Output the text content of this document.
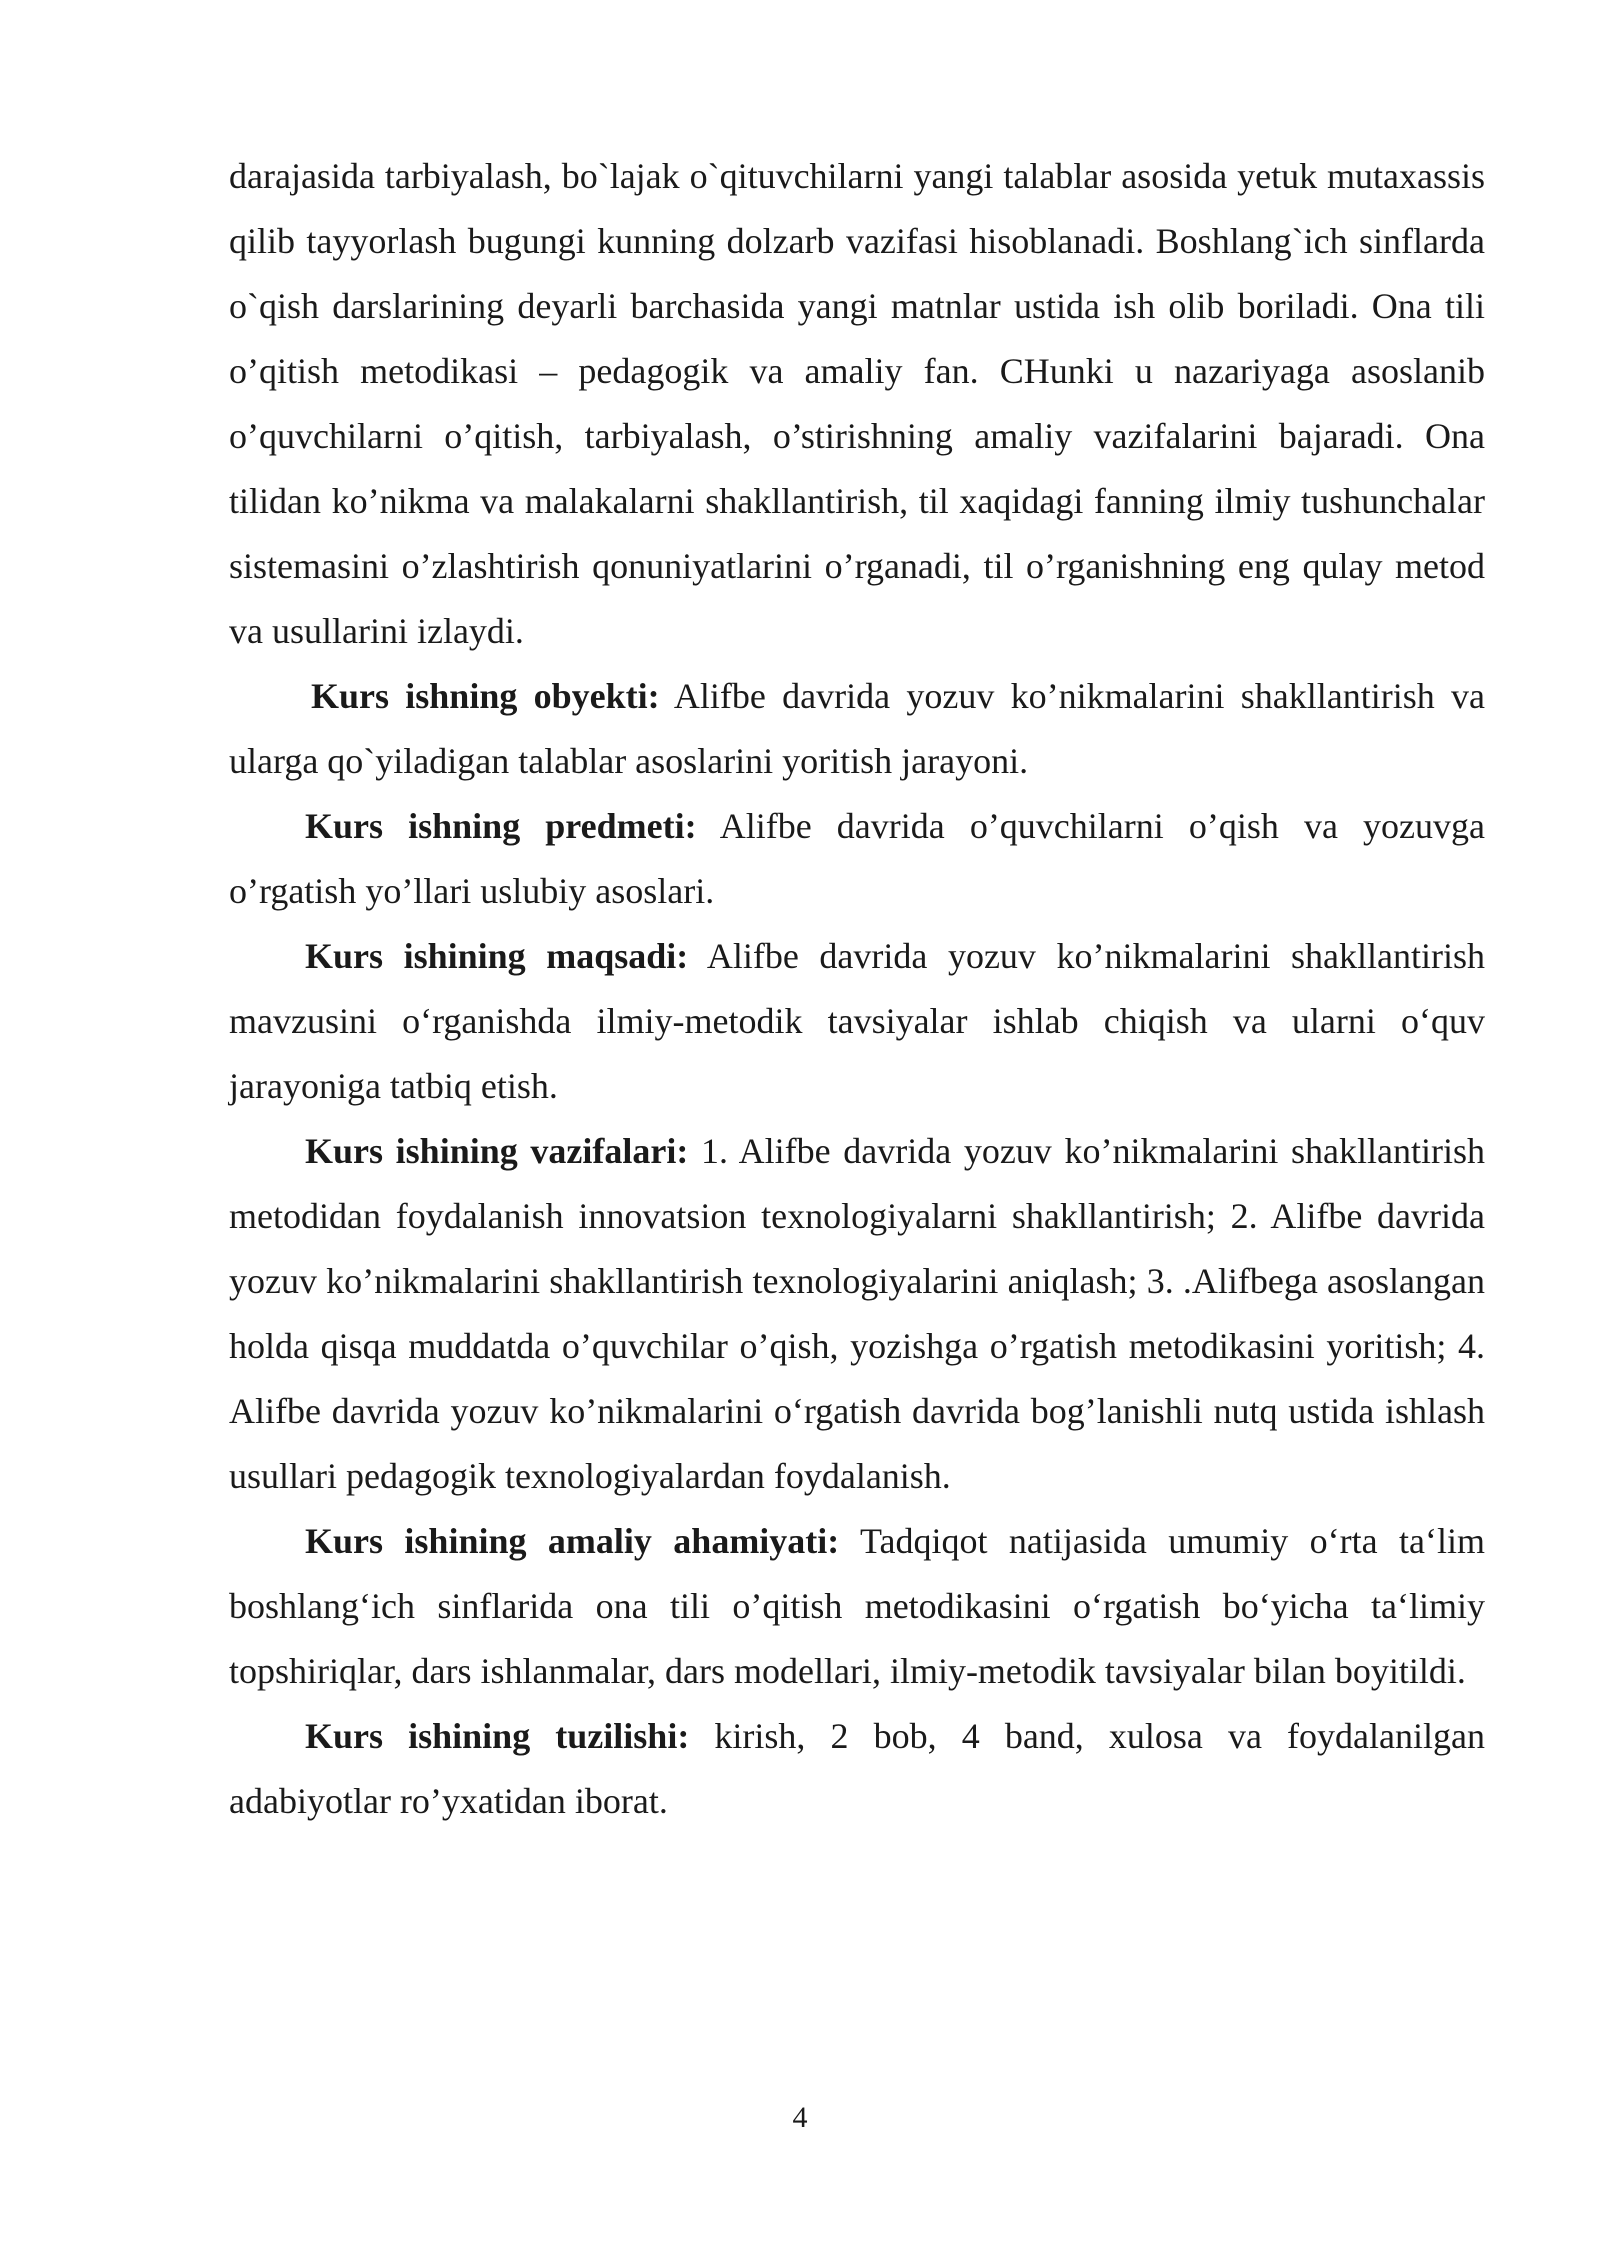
darajasida tarbiyalash, bo`lajak o`qituvchilarni yangi talablar asosida yetuk mutaxassis qilib tayyorlash bugungi kunning dolzarb vazifasi hisoblanadi. Boshlang`ich sinflarda o`qish darslarining deyarli barchasida yangi matnlar ustida ish olib boriladi. Ona tili o’qitish metodikasi – pedagogik va amaliy fan. CHunki u nazariyaga asoslanib o’quvchilarni o’qitish, tarbiyalash, o’stirishning amaliy vazifalarini bajaradi. Ona tilidan ko’nikma va malakalarni shakllantirish, til xaqidagi fanning ilmiy tushunchalar sistemasini o’zlashtirish qonuniyatlarini o’rganadi, til o’rganishning eng qulay metod va usullarini izlaydi.

Kurs ishning obyekti: Alifbe davrida yozuv ko’nikmalarini shakllantirish va ularga qo`yiladigan talablar asoslarini yoritish jarayoni.

Kurs ishning predmeti: Alifbe davrida o’quvchilarni o’qish va yozuvga o’rgatish yo’llari uslubiy asoslari.

Kurs ishining maqsadi: Alifbe davrida yozuv ko’nikmalarini shakllantirish mavzusini o‘rganishda ilmiy-metodik tavsiyalar ishlab chiqish va ularni o‘quv jarayoniga tatbiq etish.

Kurs ishining vazifalari: 1. Alifbe davrida yozuv ko’nikmalarini shakllantirish metodidan foydalanish innovatsion texnologiyalarni shakllantirish; 2. Alifbe davrida yozuv ko’nikmalarini shakllantirish texnologiyalarini aniqlash; 3. .Alifbega asoslangan holda qisqa muddatda o’quvchilar o’qish, yozishga o’rgatish metodikasini yoritish; 4. Alifbe davrida yozuv ko’nikmalarini o‘rgatish davrida bog’lanishli nutq ustida ishlash usullari pedagogik texnologiyalardan foydalanish.

Kurs ishining amaliy ahamiyati: Tadqiqot natijasida umumiy o‘rta ta‘lim boshlang‘ich sinflarida ona tili o’qitish metodikasini o‘rgatish bo‘yicha ta‘limiy topshiriqlar, dars ishlanmalar, dars modellari, ilmiy-metodik tavsiyalar bilan boyitildi.

Kurs ishining tuzilishi: kirish, 2 bob, 4 band, xulosa va foydalanilgan adabiyotlar ro’yxatidan iborat.

4
